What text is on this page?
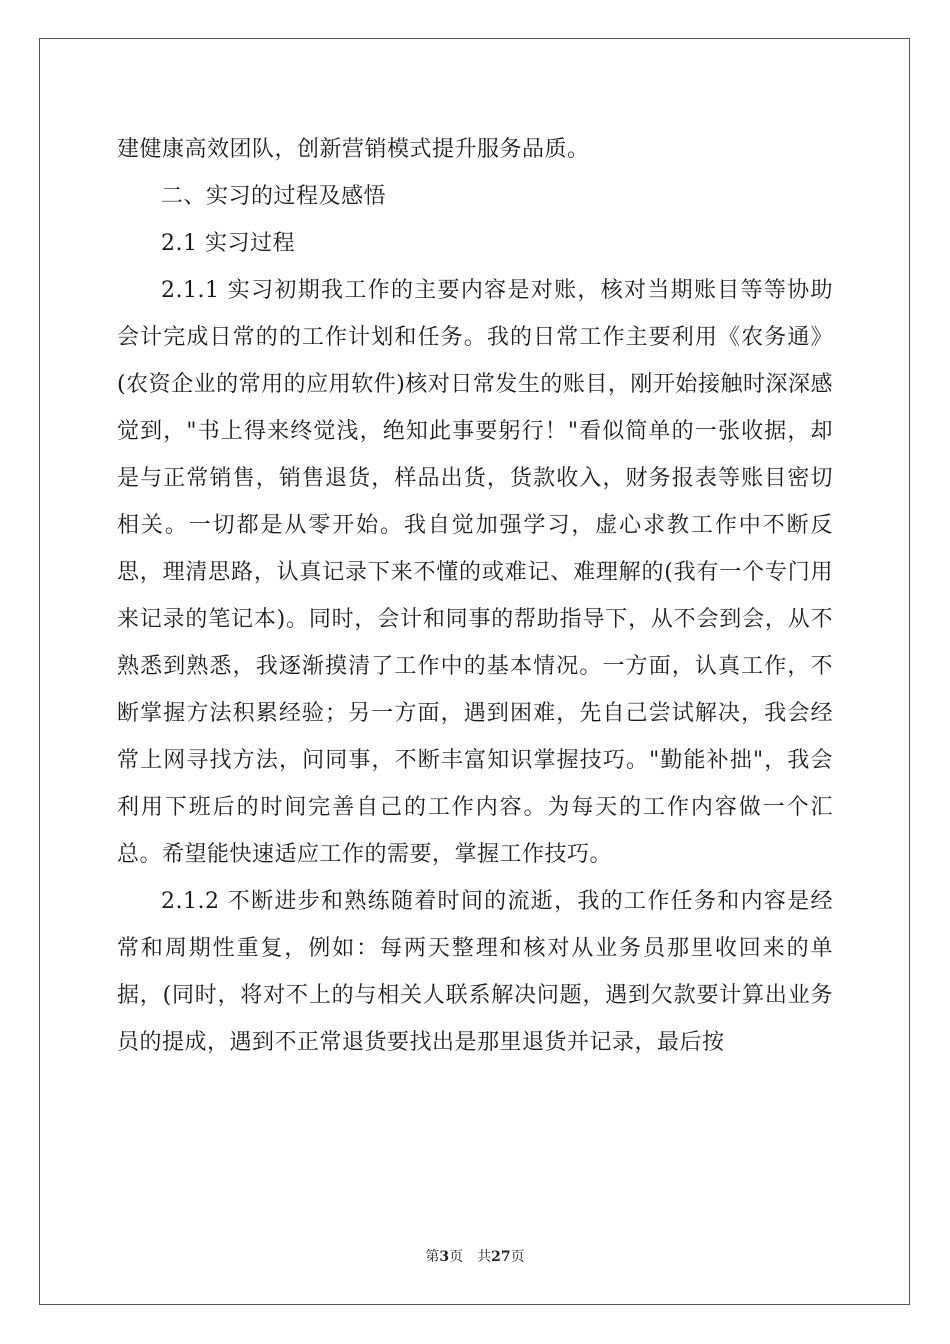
建健康高效团队，创新营销模式提升服务品质。

二、实习的过程及感悟

2.1 实习过程

2.1.1 实习初期我工作的主要内容是对账，核对当期账目等等协助会计完成日常的的工作计划和任务。我的日常工作主要利用《农务通》(农资企业的常用的应用软件)核对日常发生的账目，刚开始接触时深深感觉到，"书上得来终觉浅，绝知此事要躬行！"看似简单的一张收据，却是与正常销售，销售退货，样品出货，货款收入，财务报表等账目密切相关。一切都是从零开始。我自觉加强学习，虚心求教工作中不断反思，理清思路，认真记录下来不懂的或难记、难理解的(我有一个专门用来记录的笔记本)。同时，会计和同事的帮助指导下，从不会到会，从不熟悉到熟悉，我逐渐摸清了工作中的基本情况。一方面，认真工作，不断掌握方法积累经验；另一方面，遇到困难，先自己尝试解决，我会经常上网寻找方法，问同事，不断丰富知识掌握技巧。"勤能补拙"，我会利用下班后的时间完善自己的工作内容。为每天的工作内容做一个汇总。希望能快速适应工作的需要，掌握工作技巧。

2.1.2 不断进步和熟练随着时间的流逝，我的工作任务和内容是经常和周期性重复，例如：每两天整理和核对从业务员那里收回来的单据，(同时，将对不上的与相关人联系解决问题，遇到欠款要计算出业务员的提成，遇到不正常退货要找出是那里退货并记录，最后按

第3页 共27页
